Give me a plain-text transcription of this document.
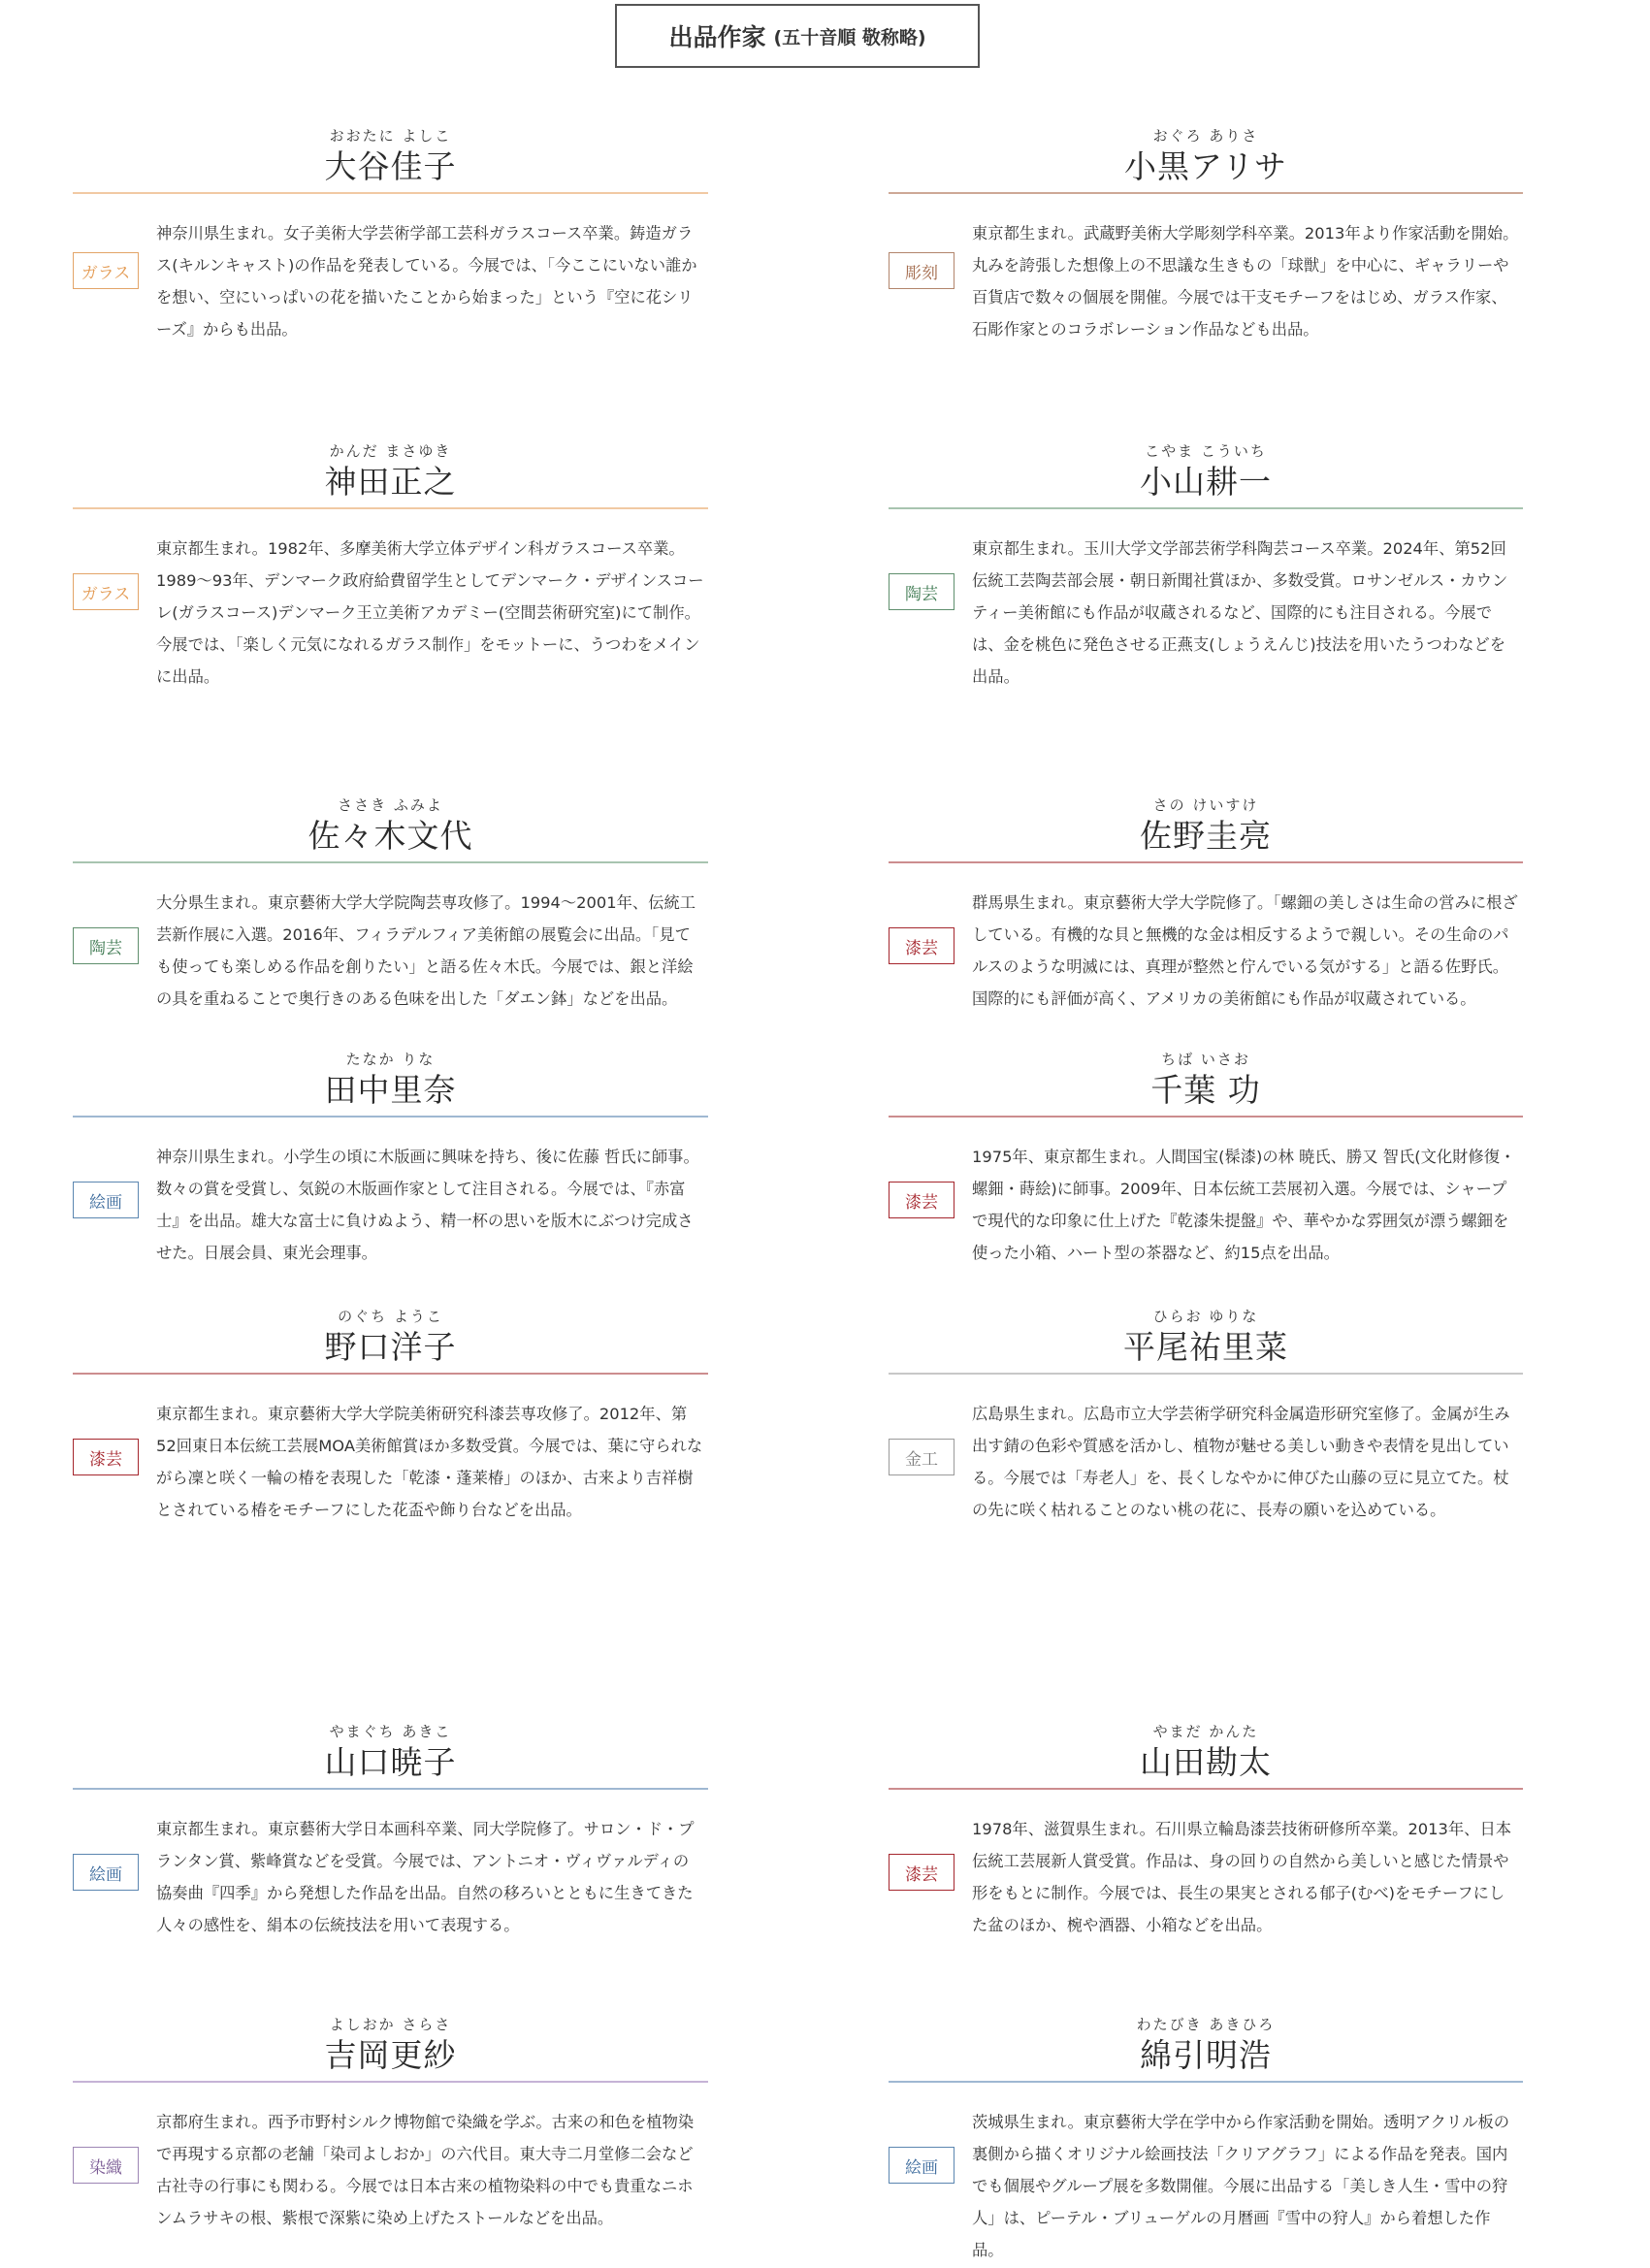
出品作家 (五十音順 敬称略)
おおたに よしこ
大谷佳子
ガラス
神奈川県生まれ。女子美術大学芸術学部工芸科ガラスコース卒業。鋳造ガラス(キルンキャスト)の作品を発表している。今展では、「今ここにいない誰かを想い、空にいっぱいの花を描いたことから始まった」という『空に花シリーズ』からも出品。
おぐろ ありさ
小黒アリサ
彫刻
東京都生まれ。武蔵野美術大学彫刻学科卒業。2013年より作家活動を開始。丸みを誇張した想像上の不思議な生きもの「球獣」を中心に、ギャラリーや百貨店で数々の個展を開催。今展では干支モチーフをはじめ、ガラス作家、石彫作家とのコラボレーション作品なども出品。
かんだ まさゆき
神田正之
ガラス
東京都生まれ。1982年、多摩美術大学立体デザイン科ガラスコース卒業。1989〜93年、デンマーク政府給費留学生としてデンマーク・デザインスコーレ(ガラスコース)デンマーク王立美術アカデミー(空間芸術研究室)にて制作。今展では、「楽しく元気になれるガラス制作」をモットーに、うつわをメインに出品。
こやま こういち
小山耕一
陶芸
東京都生まれ。玉川大学文学部芸術学科陶芸コース卒業。2024年、第52回伝統工芸陶芸部会展・朝日新聞社賞ほか、多数受賞。ロサンゼルス・カウンティー美術館にも作品が収蔵されるなど、国際的にも注目される。今展では、金を桃色に発色させる正燕支(しょうえんじ)技法を用いたうつわなどを出品。
ささき ふみよ
佐々木文代
陶芸
大分県生まれ。東京藝術大学大学院陶芸専攻修了。1994〜2001年、伝統工芸新作展に入選。2016年、フィラデルフィア美術館の展覧会に出品。「見ても使っても楽しめる作品を創りたい」と語る佐々木氏。今展では、銀と洋絵の具を重ねることで奥行きのある色味を出した「ダエン鉢」などを出品。
さの けいすけ
佐野圭亮
漆芸
群馬県生まれ。東京藝術大学大学院修了。「螺鈿の美しさは生命の営みに根ざしている。有機的な貝と無機的な金は相反するようで親しい。その生命のパルスのような明滅には、真理が整然と佇んでいる気がする」と語る佐野氏。国際的にも評価が高く、アメリカの美術館にも作品が収蔵されている。
たなか りな
田中里奈
絵画
神奈川県生まれ。小学生の頃に木版画に興味を持ち、後に佐藤 哲氏に師事。数々の賞を受賞し、気鋭の木版画作家として注目される。今展では、『赤富士』を出品。雄大な富士に負けぬよう、精一杯の思いを版木にぶつけ完成させた。日展会員、東光会理事。
ちば いさお
千葉 功
漆芸
1975年、東京都生まれ。人間国宝(髹漆)の林 暁氏、勝又 智氏(文化財修復・螺鈿・蒔絵)に師事。2009年、日本伝統工芸展初入選。今展では、シャープで現代的な印象に仕上げた『乾漆朱提盤』や、華やかな雰囲気が漂う螺鈿を使った小箱、ハート型の茶器など、約15点を出品。
のぐち ようこ
野口洋子
漆芸
東京都生まれ。東京藝術大学大学院美術研究科漆芸専攻修了。2012年、第52回東日本伝統工芸展MOA美術館賞ほか多数受賞。今展では、葉に守られながら凜と咲く一輪の椿を表現した「乾漆・蓬莱椿」のほか、古来より吉祥樹とされている椿をモチーフにした花盃や飾り台などを出品。
ひらお ゆりな
平尾祐里菜
金工
広島県生まれ。広島市立大学芸術学研究科金属造形研究室修了。金属が生み出す錆の色彩や質感を活かし、植物が魅せる美しい動きや表情を見出している。今展では「寿老人」を、長くしなやかに伸びた山藤の豆に見立てた。杖の先に咲く枯れることのない桃の花に、長寿の願いを込めている。
やまぐち あきこ
山口暁子
絵画
東京都生まれ。東京藝術大学日本画科卒業、同大学院修了。サロン・ド・プランタン賞、紫峰賞などを受賞。今展では、アントニオ・ヴィヴァルディの協奏曲『四季』から発想した作品を出品。自然の移ろいとともに生きてきた人々の感性を、絹本の伝統技法を用いて表現する。
やまだ かんた
山田勘太
漆芸
1978年、滋賀県生まれ。石川県立輪島漆芸技術研修所卒業。2013年、日本伝統工芸展新人賞受賞。作品は、身の回りの自然から美しいと感じた情景や形をもとに制作。今展では、長生の果実とされる郁子(むべ)をモチーフにした盆のほか、椀や酒器、小箱などを出品。
よしおか さらさ
吉岡更紗
染織
京都府生まれ。西予市野村シルク博物館で染織を学ぶ。古来の和色を植物染で再現する京都の老舗「染司よしおか」の六代目。東大寺二月堂修二会など古社寺の行事にも関わる。今展では日本古来の植物染料の中でも貴重なニホンムラサキの根、紫根で深紫に染め上げたストールなどを出品。
わたびき あきひろ
綿引明浩
絵画
茨城県生まれ。東京藝術大学在学中から作家活動を開始。透明アクリル板の裏側から描くオリジナル絵画技法「クリアグラフ」による作品を発表。国内でも個展やグループ展を多数開催。今展に出品する「美しき人生・雪中の狩人」は、ピーテル・ブリューゲルの月暦画『雪中の狩人』から着想した作品。
